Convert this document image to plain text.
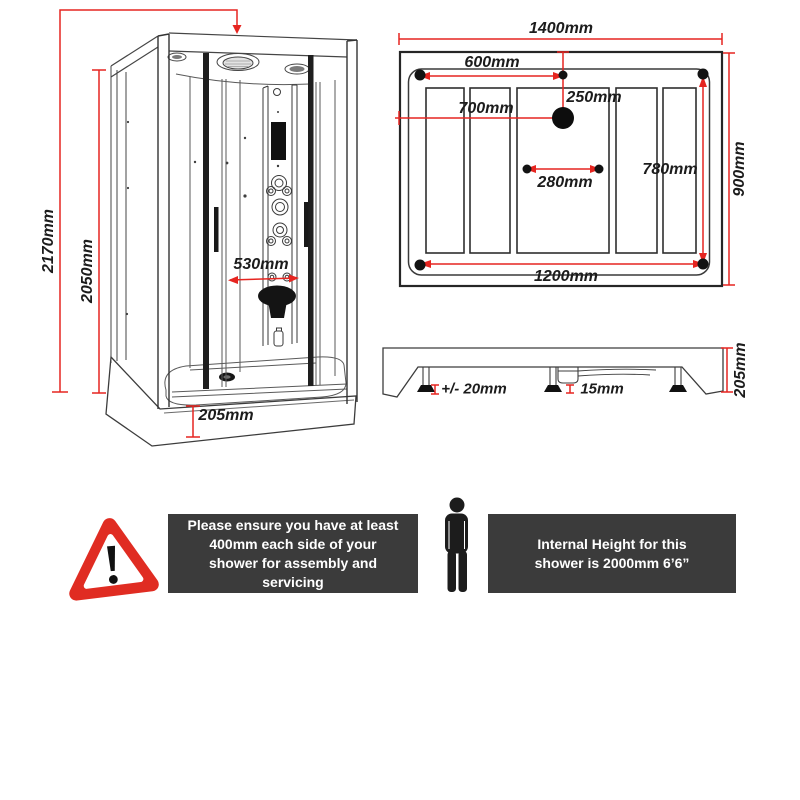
2170mm 2050mm	530mm
205mm
1400mm
900mm
600mm
250mm
700mm
280mm
780mm
1200mm
+/- 20mm	15mm	205mm
Please ensure you have at least
400mm each side of your
shower for assembly and
servicing
Internal Height for this
shower is 2000mm 6’6”
